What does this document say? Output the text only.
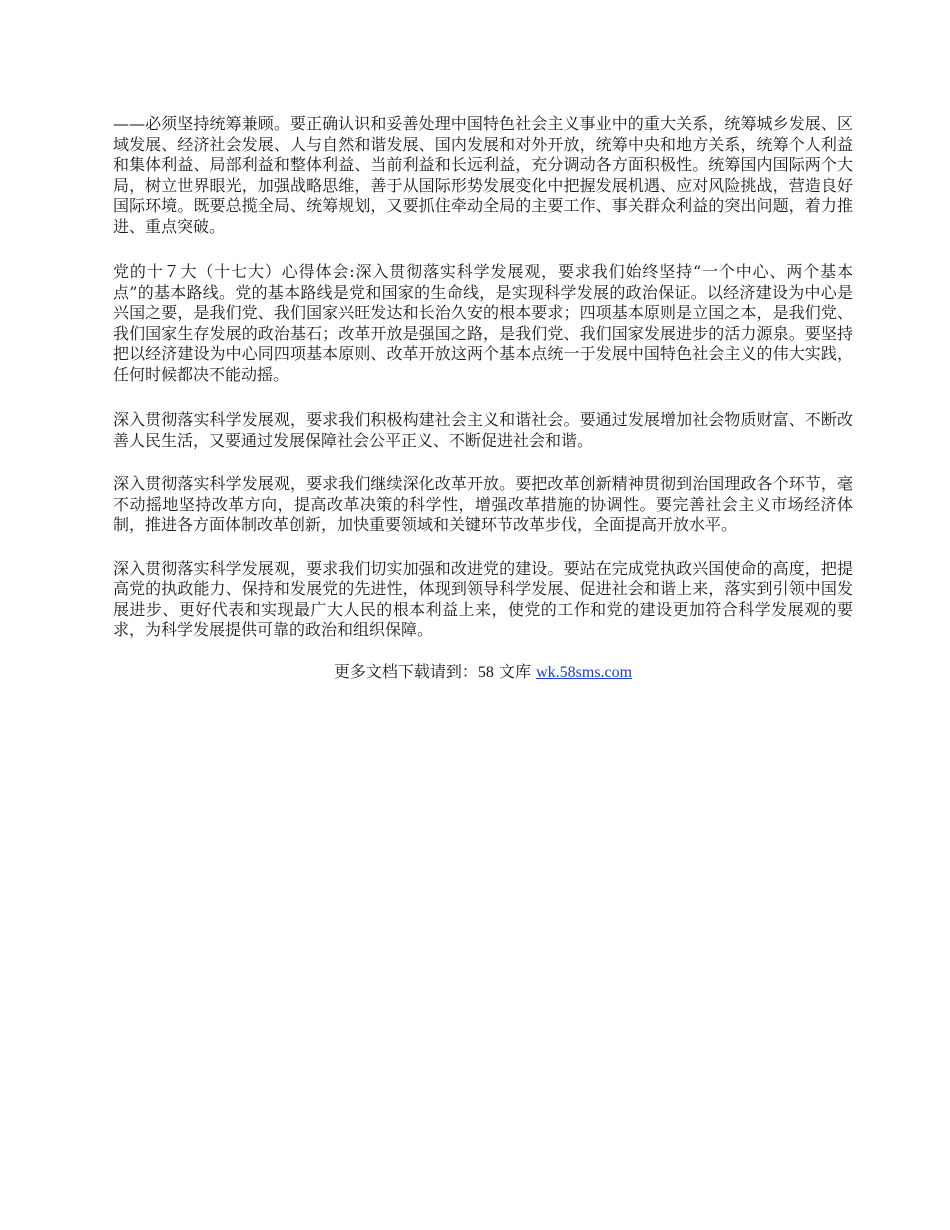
——必须坚持统筹兼顾。要正确认识和妥善处理中国特色社会主义事业中的重大关系，统筹城乡发展、区域发展、经济社会发展、人与自然和谐发展、国内发展和对外开放，统筹中央和地方关系，统筹个人利益和集体利益、局部利益和整体利益、当前利益和长远利益，充分调动各方面积极性。统筹国内国际两个大局，树立世界眼光，加强战略思维，善于从国际形势发展变化中把握发展机遇、应对风险挑战，营造良好国际环境。既要总揽全局、统筹规划，又要抓住牵动全局的主要工作、事关群众利益的突出问题，着力推进、重点突破。

党的十７大（十七大）心得体会:深入贯彻落实科学发展观，要求我们始终坚持“一个中心、两个基本点”的基本路线。党的基本路线是党和国家的生命线，是实现科学发展的政治保证。以经济建设为中心是兴国之要，是我们党、我们国家兴旺发达和长治久安的根本要求；四项基本原则是立国之本，是我们党、我们国家生存发展的政治基石；改革开放是强国之路，是我们党、我们国家发展进步的活力源泉。要坚持把以经济建设为中心同四项基本原则、改革开放这两个基本点统一于发展中国特色社会主义的伟大实践，任何时候都决不能动摇。

深入贯彻落实科学发展观，要求我们积极构建社会主义和谐社会。要通过发展增加社会物质财富、不断改善人民生活，又要通过发展保障社会公平正义、不断促进社会和谐。

深入贯彻落实科学发展观，要求我们继续深化改革开放。要把改革创新精神贯彻到治国理政各个环节，毫不动摇地坚持改革方向，提高改革决策的科学性，增强改革措施的协调性。要完善社会主义市场经济体制，推进各方面体制改革创新，加快重要领域和关键环节改革步伐，全面提高开放水平。

深入贯彻落实科学发展观，要求我们切实加强和改进党的建设。要站在完成党执政兴国使命的高度，把提高党的执政能力、保持和发展党的先进性，体现到领导科学发展、促进社会和谐上来，落实到引领中国发展进步、更好代表和实现最广大人民的根本利益上来，使党的工作和党的建设更加符合科学发展观的要求，为科学发展提供可靠的政治和组织保障。

更多文档下载请到：58 文库 wk.58sms.com
